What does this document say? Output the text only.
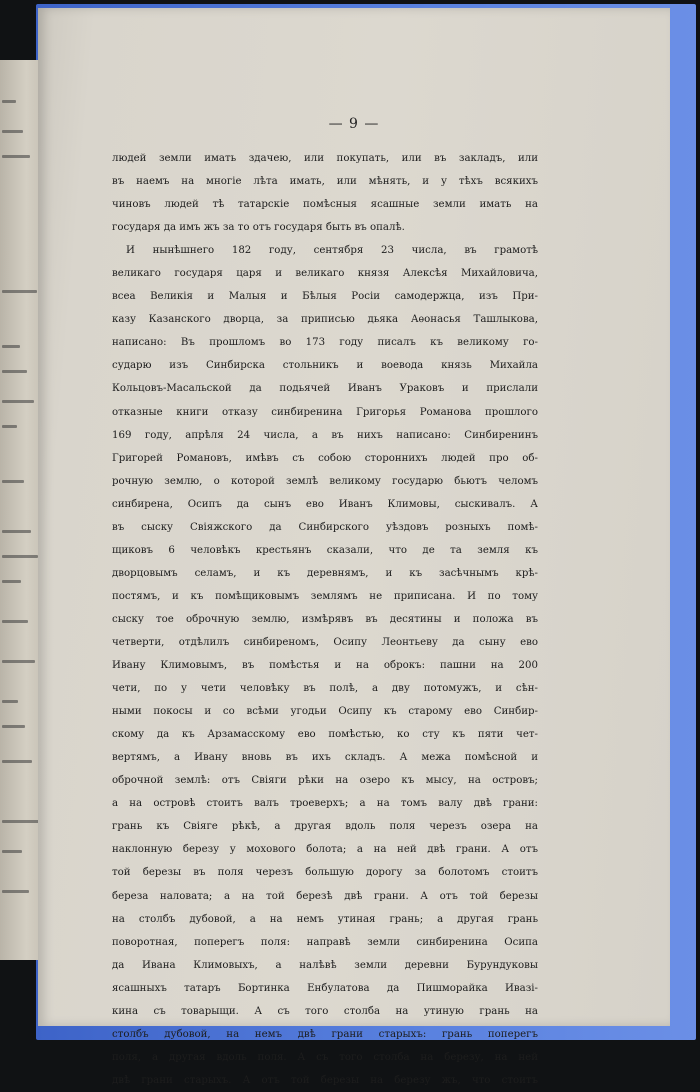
— 9 —
людей земли имать здачею, или покупать, или въ закладъ, или
въ наемъ на многіе лѣта имать, или мѣнять, и у тѣхъ всякихъ
чиновъ людей тѣ татарскіе помѣсныя ясашные земли имать на
государя да имъ жъ за то отъ государя быть въ опалѣ.
И нынѣшнего 182 году, сентября 23 числа, въ грамотѣ
великаго государя царя и великаго князя Алексѣя Михайловича,
всеа Великія и Малыя и Бѣлыя Росіи самодержца, изъ При-
казу Казанского дворца, за приписью дьяка Аѳонасья Ташлыкова,
написано: Въ прошломъ во 173 году писалъ къ великому го-
сударю изъ Синбирска стольникъ и воевода князь Михайла
Кольцовъ-Масальской да подьячей Иванъ Ураковъ и прислали
отказные книги отказу синбиренина Григорья Романова прошлого
169 году, апрѣля 24 числа, а въ нихъ написано: Синбиренинъ
Григорей Романовъ, имѣвъ съ собою стороннихъ людей про об-
рочную землю, о которой землѣ великому государю бьютъ челомъ
синбирена, Осипъ да сынъ ево Иванъ Климовы, сыскивалъ. А
въ сыску Свіяжского да Синбирского уѣздовъ розныхъ помѣ-
щиковъ 6 человѣкъ крестьянъ сказали, что де та земля къ
дворцовымъ селамъ, и къ деревнямъ, и къ засѣчнымъ крѣ-
постямъ, и къ помѣщиковымъ землямъ не приписана. И по тому
сыску тое оброчную землю, измѣрявъ въ десятины и положа въ
четверти, отдѣлилъ синбиреномъ, Осипу Леонтьеву да сыну ево
Ивану Климовымъ, въ помѣстья и на оброкъ: пашни на 200
чети, по у чети человѣку въ полѣ, а дву потомужъ, и сѣн-
ными покосы и со всѣми угодьи Осипу къ старому ево Синбир-
скому да къ Арзамасскому ево помѣстью, ко сту къ пяти чет-
вертямъ, а Ивану вновь въ ихъ складъ. А межа помѣсной и
оброчной землѣ: отъ Свіяги рѣки на озеро къ мысу, на островъ;
а на островѣ стоитъ валъ троеверхъ; а на томъ валу двѣ грани:
грань къ Свіяге рѣкѣ, а другая вдоль поля черезъ озера на
наклонную березу у мохового болота; а на ней двѣ грани. А отъ
той березы въ поля черезъ большую дорогу за болотомъ стоитъ
береза наловата; а на той березѣ двѣ грани. А отъ той березы
на столбъ дубовой, а на немъ утиная грань; а другая грань
поворотная, поперегъ поля: направѣ земли синбиренина Осипа
да Ивана Климовыхъ, а налѣвѣ земли деревни Бурундуковы
ясашныхъ татаръ Бортинка Енбулатова да Пишморайка Ивазі-
кина съ товарыщи. А съ того столба на утиную грань на
столбъ дубовой, на немъ двѣ грани старыхъ: грань поперегъ
поля, а другая вдоль поля. А съ того столба на березу, на ней
двѣ грани старыхъ. А отъ той березы на березу жъ, что стоитъ
